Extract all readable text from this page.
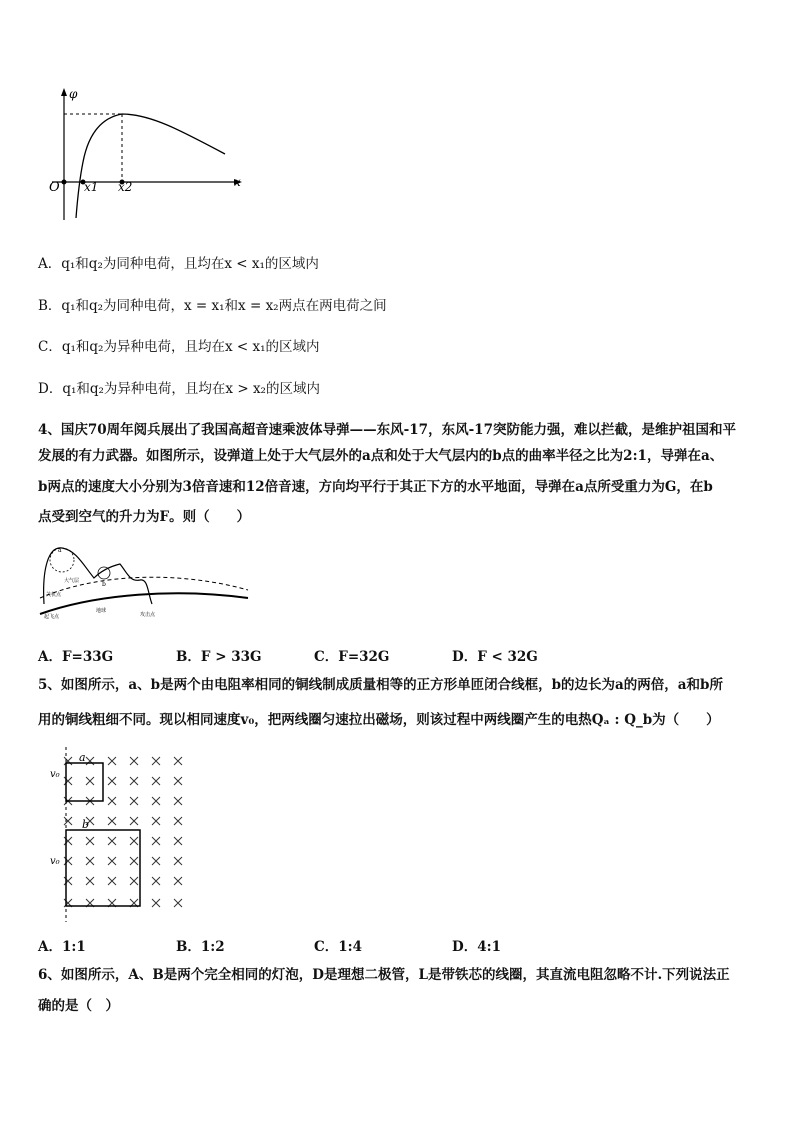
φ
x
O x1 x2
A．q₁和q₂为同种电荷，且均在x < x₁的区域内
B．q₁和q₂为同种电荷，x = x₁和x = x₂两点在两电荷之间
C．q₁和q₂为异种电荷，且均在x < x₁的区域内
D．q₁和q₂为异种电荷，且均在x > x₂的区域内
4、国庆70周年阅兵展出了我国高超音速乘波体导弹——东风-17，东风-17突防能力强，难以拦截，是维护祖国和平
发展的有力武器。如图所示，设弹道上处于大气层外的a点和处于大气层内的b点的曲率半径之比为2:1，导弹在a、
b两点的速度大小分别为3倍音速和12倍音速，方向均平行于其正下方的水平地面，导弹在a点所受重力为G，在b
点受到空气的升力为F。则（　　）
a
b
大气层
关机点
起飞点
地球
攻击点
A．F=33G	B．F > 33G	C．F=32G	D．F < 32G
5、如图所示，a、b是两个由电阻率相同的铜线制成质量相等的正方形单匝闭合线框，b的边长为a的两倍，a和b所
用的铜线粗细不同。现以相同速度v₀，把两线圈匀速拉出磁场，则该过程中两线圈产生的电热Qₐ : Q_b为（　　）
a
b
v₀
v₀
A．1:1	B．1:2	C．1:4	D．4:1
6、如图所示，A、B是两个完全相同的灯泡，D是理想二极管，L是带铁芯的线圈，其直流电阻忽略不计.下列说法正
确的是（　）
